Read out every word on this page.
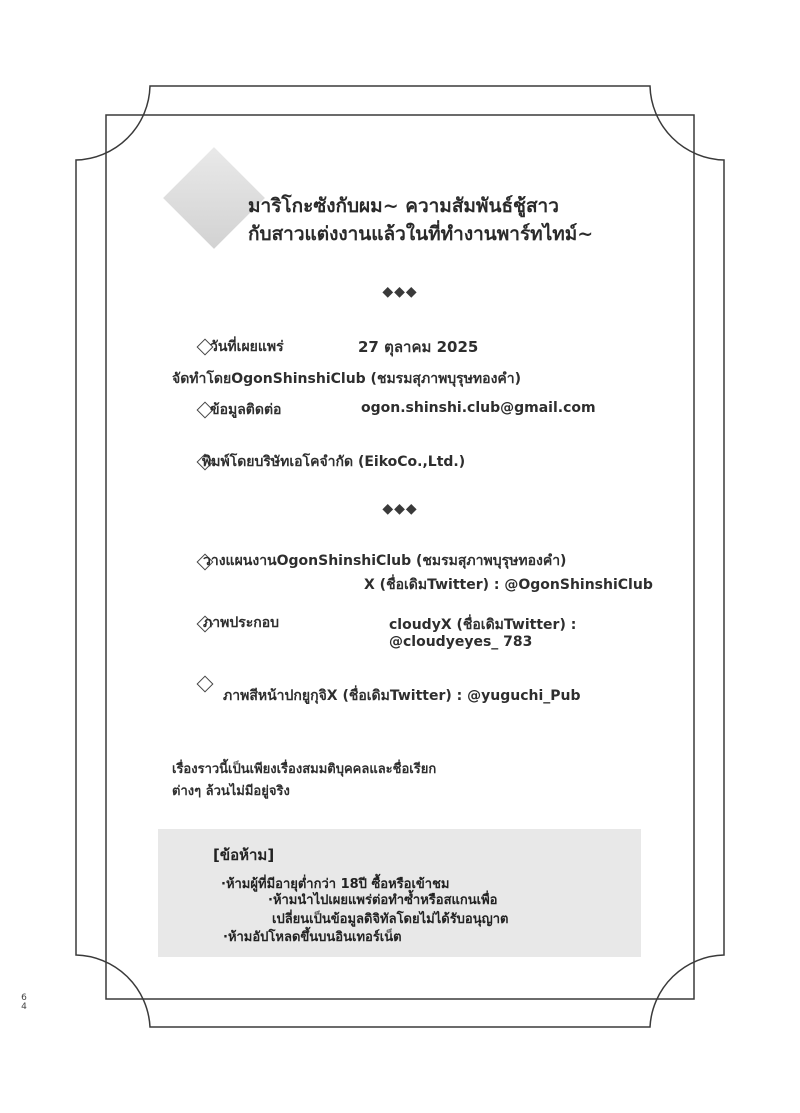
มาริโกะซังกับผม~ ความสัมพันธ์ชู้สาว
กับสาวแต่งงานแล้วในที่ทำงานพาร์ทไทม์~
◆◆◆
วันที่เผยแพร่	27 ตุลาคม 2025
จัดทำโดยOgonShinshiClub (ชมรมสุภาพบุรุษทองคำ)
ข้อมูลติดต่อ	ogon.shinshi.club@gmail.com
พิมพ์โดยบริษัทเอโคจำกัด (EikoCo.,Ltd.)
◆◆◆
วางแผนงานOgonShinshiClub (ชมรมสุภาพบุรุษทองคำ)
X (ชื่อเดิมTwitter) : @OgonShinshiClub
ภาพประกอบ	cloudyX (ชื่อเดิมTwitter) :
@cloudyeyes_ 783
ภาพสีหน้าปกยูกุจิX (ชื่อเดิมTwitter) : @yuguchi_Pub
เรื่องราวนี้เป็นเพียงเรื่องสมมติบุคคลและชื่อเรียก
ต่างๆ ล้วนไม่มีอยู่จริง
[ข้อห้าม]
·ห้ามผู้ที่มีอายุต่ำกว่า 18ปี ซื้อหรือเข้าชม
·ห้ามนำไปเผยแพร่ต่อทำซ้ำหรือสแกนเพื่อ
เปลี่ยนเป็นข้อมูลดิจิทัลโดยไม่ได้รับอนุญาต
·ห้ามอัปโหลดขึ้นบนอินเทอร์เน็ต
64
